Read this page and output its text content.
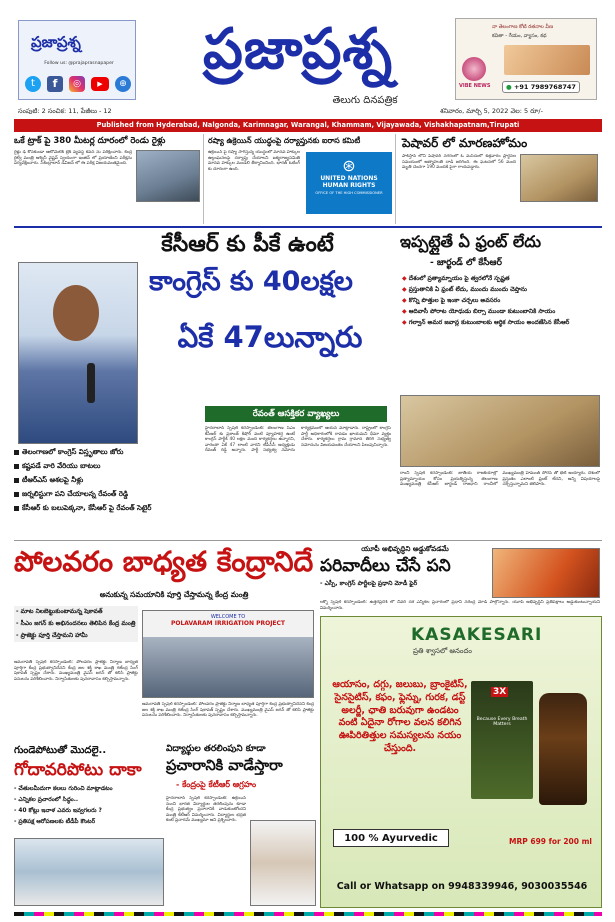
ప్రజాప్రశ్న
Follow us: @prajaprasnapaper
t	f	◎	▶	⊕
ప్రజాప్రశ్న
తెలుగు దినపత్రిక
నా తెలంగాణ కోటి రతనాల వీణ
కవితా - గేయం, వ్యాసం, కథ
VIBE NEWS	● +91 7989768747
సంపుటి: 2 సంచిక: 11, పేజీలు - 12	శనివారం, మార్చి 5, 2022 వెల: 5 రూ/-
Published from Hyderabad, Nalgonda, Karimnagar, Warangal, Khammam, Vijayawada, Vishakhapatnam,Tirupati
ఒకే ట్రాక్ పై 380 మీటర్ల దూరంలో రెండు రైళ్లు
రైళ్లు ఢీ కొనకుండా ఆటోమేటిక్ బ్రేక్ వ్యవస్థ కవచ్ ను పరీక్షించారు. కేంద్ర రైల్వే మంత్రి అశ్వినీ వైష్ణవ్ స్వయంగా ఇంజిన్ లో ప్రయాణించి పరీక్షను పర్యవేక్షించారు. సికింద్రాబాద్ డివిజన్ లో ఈ పరీక్ష విజయవంతమైంది.
రష్యా ఉక్రెయిన్ యుద్ధంపై దర్యాప్తునకు ఐరాస కమిటీ
ఉక్రెయిన్ పై రష్యా సాగిస్తున్న యుద్ధంలో మానవ హక్కుల ఉల్లంఘనలపై దర్యాప్తు చేయాలని ఐక్యరాజ్యసమితి మానవ హక్కుల మండలి తీర్మానించింది. భారత్ ఓటింగ్ కు దూరంగా ఉంది.	⊛
UNITED NATIONS HUMAN RIGHTS
OFFICE OF THE HIGH COMMISSIONER
పెషావర్ లో మారణహోమం
పాకిస్తాన్ లోని పెషావర్ నగరంలో ఓ మసీదులో శుక్రవారం ప్రార్థనల సమయంలో ఆత్మాహుతి దాడి జరిగింది. ఈ ఘటనలో 56 మంది మృతి చెందగా 190 మందికి పైగా గాయపడ్డారు.
కేసీఆర్ కు పీకే ఉంటే
కాంగ్రెస్ కు 40లక్షల
ఏకే 47లున్నారు
రేవంత్ ఆసక్తికర వ్యాఖ్యలు
తెలంగాణలో కాంగ్రెస్ విస్తృతాలు జోరు
కష్టపడే వారి వేరియు బాటలు
టీఆర్ఎస్ ఆశలపై నీళ్లు
జర్నలిస్టుగా పని చేయాలన్న రేవంత్ రెడ్డి
కేసీఆర్ కు బలుపెక్కనా, కేసీఆర్ పై రేవంత్ సెటైర్
హైదరాబాద్ స్పెషల్ కరస్పాండెంట్: తెలంగాణ సీఎం కేసీఆర్ కు ప్రశాంత్ కిషోర్ వంటి వ్యూహకర్త ఉంటే కాంగ్రెస్ పార్టీకి 40 లక్షల మంది కార్యకర్తలు ఉన్నారని, వారంతా ఏకే 47 లాంటి వారని టీపీసీసీ అధ్యక్షుడు రేవంత్ రెడ్డి అన్నారు. పార్టీ సభ్యత్వ నమోదు కార్యక్రమంలో ఆయన మాట్లాడారు. రాష్ట్రంలో కాంగ్రెస్ పార్టీ అధికారంలోకి రావడం ఖాయమని ధీమా వ్యక్తం చేశారు. కార్యకర్తలు గ్రామ గ్రామాన తిరిగి సభ్యత్వ నమోదును విజయవంతం చేయాలని పిలుపునిచ్చారు.
ఇప్పట్లైతే ఏ ఫ్రంట్ లేదు
- జార్ఖండ్ లో కేసీఆర్
◆ దేశంలో ప్రత్యామ్నాయం పై త్వరలోనే స్పష్టత
◆ ప్రస్తుతానికి ఏ ఫ్రంట్ లేదు, ముందు ముందు చెప్తాను
◆ కొన్ని పొత్తుల పై ఇంకా చర్చలు అవసరం
◆ ఆదివాసీ పోరాట యోధుడు బిర్సా ముండా కుటుంబానికి సాయం
◆ గల్వాన్ అమర జవాన్ల కుటుంబాలకు ఆర్థిక సాయం అందజేసిన కేసీఆర్
రాంచీ స్పెషల్ కరస్పాండెంట్: జాతీయ రాజకీయాల్లో ప్రత్యామ్నాయం కోసం ప్రయత్నిస్తున్న తెలంగాణ ముఖ్యమంత్రి కేసీఆర్ జార్ఖండ్ రాజధాని రాంచీలో ముఖ్యమంత్రి హేమంత్ సోరెన్ తో భేటీ అయ్యారు. దేశంలో ప్రస్తుతం ఎలాంటి ఫ్రంట్ లేదని, అన్ని విషయాలపై చర్చిస్తున్నామని తెలిపారు.
పోలవరం బాధ్యత కేంద్రానిదే
అనుకున్న సమయానికి పూర్తి చేస్తామన్న కేంద్ర మంత్రి
- మాట నిలబెట్టుకుంటామన్న షెకావత్
- సీఎం జగన్ కు అభినందనలు తెలిపిన కేంద్ర మంత్రి
- ప్రాజెక్టు పూర్తి చేస్తామని హామీ
WELCOME TO
POLAVARAM IRRIGATION PROJECT
అమరావతి స్పెషల్ కరస్పాండెంట్: పోలవరం ప్రాజెక్టు నిర్మాణ బాధ్యత పూర్తిగా కేంద్ర ప్రభుత్వానిదేనని కేంద్ర జల శక్తి శాఖ మంత్రి గజేంద్ర సింగ్ షెకావత్ స్పష్టం చేశారు. ముఖ్యమంత్రి వైఎస్ జగన్ తో కలిసి ప్రాజెక్టు పనులను పరిశీలించారు. నిర్వాసితులకు పునరావాసం కల్పిస్తామన్నారు.
అమరావతి స్పెషల్ కరస్పాండెంట్: పోలవరం ప్రాజెక్టు నిర్మాణ బాధ్యత పూర్తిగా కేంద్ర ప్రభుత్వానిదేనని కేంద్ర జల శక్తి శాఖ మంత్రి గజేంద్ర సింగ్ షెకావత్ స్పష్టం చేశారు. ముఖ్యమంత్రి వైఎస్ జగన్ తో కలిసి ప్రాజెక్టు పనులను పరిశీలించారు. నిర్వాసితులకు పునరావాసం కల్పిస్తామన్నారు.
యూపీ అభివృద్ధిని అడ్డుకోవడమే
పరివాదీలు చేసే పని
- ఎస్పీ, కాంగ్రెస్ పార్టీలపై ప్రధాని మోడీ ఫైర్
లక్నో స్పెషల్ కరస్పాండెంట్: ఉత్తరప్రదేశ్ లో చివరి దశ ఎన్నికల ప్రచారంలో ప్రధాని నరేంద్ర మోడీ పాల్గొన్నారు. యూపీ అభివృద్ధిని ప్రతిపక్షాలు అడ్డుకుంటున్నాయని విమర్శించారు.
KASAKESARI
ప్రతి శ్వాసలో ఆనందం
ఆయాసం, దగ్గు, జలుబు, బ్రాంకైటిస్, సైనసైటిస్, కఫం, ఫ్లెన్ను, గురక, డస్ట్ అలర్జీ, ఛాతి బరువుగా ఉండటం వంటి ఏదైనా రోగాల వలన కలిగిన ఊపిరితిత్తుల సమస్యలను నయం చేస్తుంది.
3X
Because Every Breath Matters
100 % Ayurvedic	MRP 699 for 200 ml
Call or Whatsapp on 9948339946, 9030035546
గుండెపోటుతో మొదలై..
గోదావరిపోటు దాకా
- చేతులమీదుగా కలలు గురించి మాట్లాడటం
- ఎన్నికల ప్రచారంలో సిద్ధం..
- 40 కోట్లు ఇవాళ ఎవరు ఇవ్వగలరు ?
- ప్రతిపక్ష ఆరోపణలకు టీడీపీ కౌంటర్
విద్యార్థుల తరలింపుని కూడా
ప్రచారానికి వాడేస్తారా
- కేంద్రంపై కేటీఆర్ ఆగ్రహం
హైదరాబాద్ స్పెషల్ కరస్పాండెంట్: ఉక్రెయిన్ నుంచి భారత విద్యార్థుల తరలింపును కూడా కేంద్ర ప్రభుత్వం ప్రచారానికి వాడుకుంటోందని మంత్రి కేటీఆర్ విమర్శించారు. విద్యార్థుల భద్రత కంటే ప్రచారమే ముఖ్యమా అని ప్రశ్నించారు.
